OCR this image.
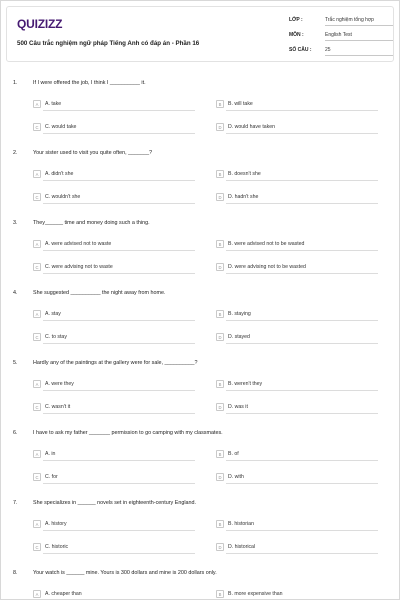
QUIZIZZ
500 Câu trắc nghiệm ngữ pháp Tiếng Anh có đáp án - Phần 16
LỚP :	Trắc nghiệm tổng hợp
MÔN :	English Test
SỐ CÂU :	25
1.	If I were offered the job, I think I __________ it.
A	A. take	B	B. will take
C	C. would take	D	D. would have taken
2.	Your sister used to visit you quite often, _______?
A	A. didn't she	B	B. doesn't she
C	C. wouldn't she	D	D. hadn't she
3.	They______ time and money doing such a thing.
A	A. were advised not to waste	B	B. were advised not to be wasted
C	C. were advising not to waste	D	D. were advising not to be wasted
4.	She suggested __________ the night away from home.
A	A. stay	B	B. staying
C	C. to stay	D	D. stayed
5.	Hardly any of the paintings at the gallery were for sale, __________?
A	A. were they	B	B. weren't they
C	C. wasn't it	D	D. was it
6.	I have to ask my father _______ permission to go camping with my classmates.
A	A. in	B	B. of
C	C. for	D	D. with
7.	She specializes in ______ novels set in eighteenth-century England.
A	A. history	B	B. historian
C	C. historic	D	D. historical
8.	Your watch is ______ mine. Yours is 300 dollars and mine is 200 dollars only.
A	A. cheaper than	B	B. more expensive than
